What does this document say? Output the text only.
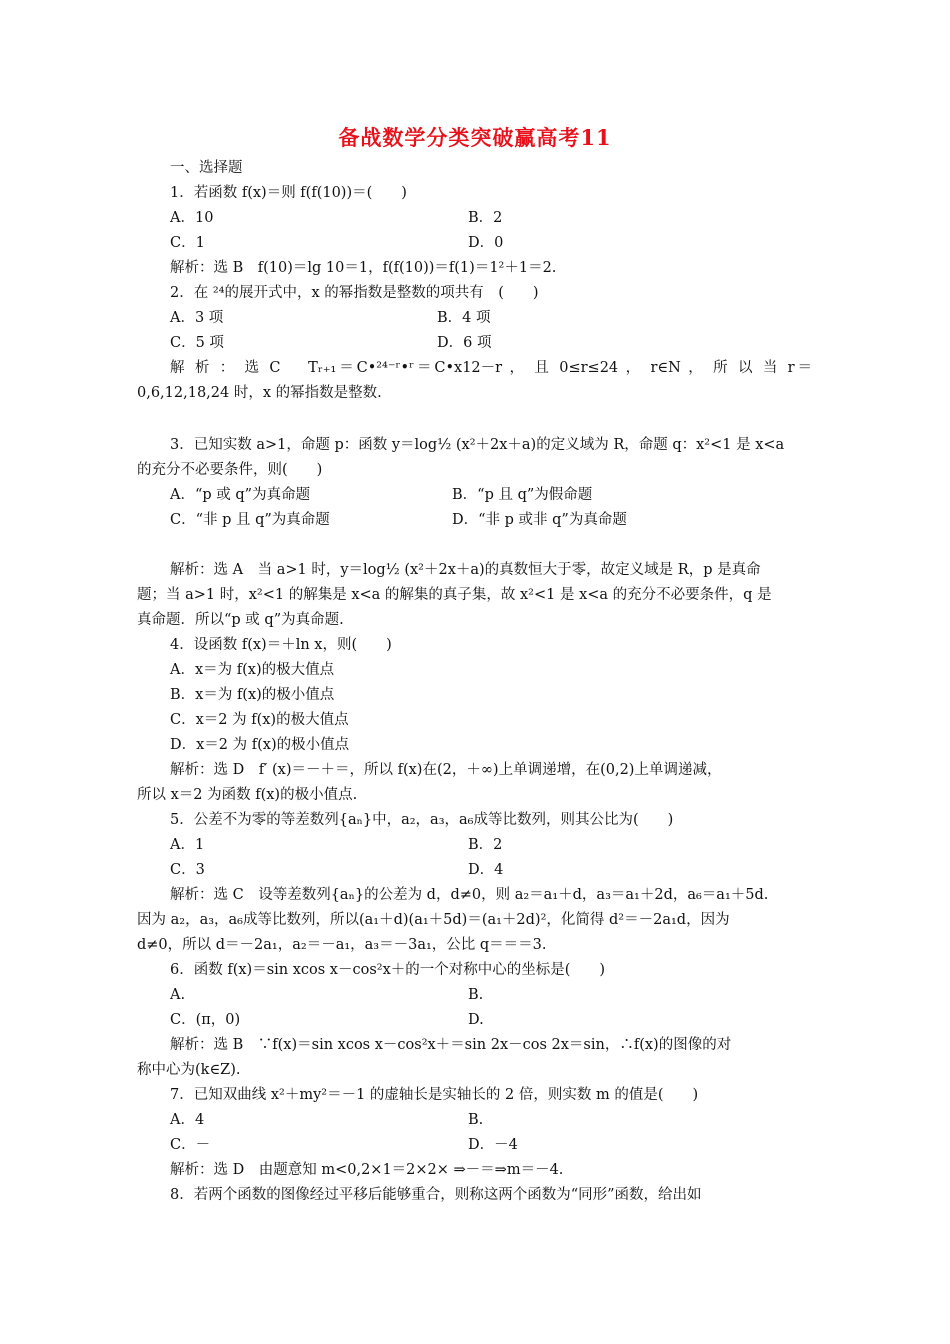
备战数学分类突破赢高考11
一、选择题
1．若函数 f(x)＝则 f(f(10))＝(　　)
A．10	B．2
C．1	D．0
解析：选 B　f(10)＝lg 10＝1，f(f(10))＝f(1)＝1²＋1＝2.
2．在 ²⁴的展开式中，x 的幂指数是整数的项共有　(　　)
A．3 项	B．4 项
C．5 项	D．6 项
解 析 ： 选 C　 Tᵣ₊₁＝C•²⁴⁻ʳ•ʳ＝C•x12－r ， 且 0≤r≤24 ， r∈N ， 所 以 当 r＝
0,6,12,18,24 时，x 的幂指数是整数.
3．已知实数 a>1，命题 p：函数 y＝log½ (x²＋2x＋a)的定义域为 R，命题 q：x²<1 是 x<a
的充分不必要条件，则(　　)
A．“p 或 q”为真命题	B．“p 且 q”为假命题
C．“非 p 且 q”为真命题	D．“非 p 或非 q”为真命题
解析：选 A　当 a>1 时，y＝log½ (x²＋2x＋a)的真数恒大于零，故定义域是 R，p 是真命
题；当 a>1 时，x²<1 的解集是 x<a 的解集的真子集，故 x²<1 是 x<a 的充分不必要条件，q 是
真命题．所以“p 或 q”为真命题.
4．设函数 f(x)＝＋ln x，则(　　)
A．x＝为 f(x)的极大值点
B．x＝为 f(x)的极小值点
C．x＝2 为 f(x)的极大值点
D．x＝2 为 f(x)的极小值点
解析：选 D　f′ (x)＝－＋＝，所以 f(x)在(2，＋∞)上单调递增，在(0,2)上单调递减，
所以 x＝2 为函数 f(x)的极小值点.
5．公差不为零的等差数列{aₙ}中，a₂，a₃，a₆成等比数列，则其公比为(　　)
A．1	B．2
C．3	D．4
解析：选 C　设等差数列{aₙ}的公差为 d，d≠0，则 a₂＝a₁＋d，a₃＝a₁＋2d，a₆＝a₁＋5d.
因为 a₂，a₃，a₆成等比数列，所以(a₁＋d)(a₁＋5d)＝(a₁＋2d)²，化简得 d²＝－2a₁d，因为
d≠0，所以 d＝－2a₁，a₂＝－a₁，a₃＝－3a₁，公比 q＝＝＝3.
6．函数 f(x)＝sin xcos x－cos²x＋的一个对称中心的坐标是(　　)
A.	B.
C．(π，0)	D.
解析：选 B　∵f(x)＝sin xcos x－cos²x＋＝sin 2x－cos 2x＝sin，∴f(x)的图像的对
称中心为(k∈Z).
7．已知双曲线 x²＋my²＝－1 的虚轴长是实轴长的 2 倍，则实数 m 的值是(　　)
A．4	B.
C．－	D．－4
解析：选 D　由题意知 m<0,2×1＝2×2× ⇒－＝⇒m＝－4.
8．若两个函数的图像经过平移后能够重合，则称这两个函数为“同形”函数，给出如
